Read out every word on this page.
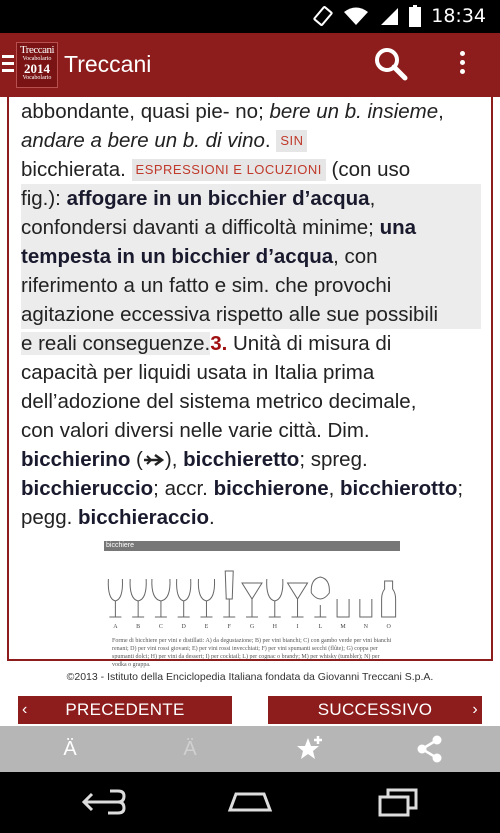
18:34
Treccani
Vocabolario
2014
Vocabolario
Treccani
abbondante, quasi pie- no; bere un b. insieme,
andare a bere un b. di vino. SIN
bicchierata. ESPRESSIONI E LOCUZIONI (con uso
fig.): affogare in un bicchier d’acqua,
confondersi davanti a difficoltà minime; una
tempesta in un bicchier d’acqua, con
riferimento a un fatto e sim. che provochi
agitazione eccessiva rispetto alle sue possibili
e reali conseguenze.3. Unità di misura di
capacità per liquidi usata in Italia prima
dell’adozione del sistema metrico decimale,
con valori diversi nelle varie città. Dim.
bicchierino ( ), bicchieretto; spreg.
bicchieruccio; accr. bicchierone, bicchierotto;
pegg. bicchieraccio.
bicchiere
A	B	C	D	E	F	G	H	I	L	M	N	O
Forme di bicchiere per vini e distillati: A) da degustazione; B) per vini bianchi; C) con gambo verde per vini bianchi renani; D) per vini rossi giovani; E) per vini rossi invecchiati; F) per vini spumanti secchi (flûte); G) coppa per spumanti dolci; H) per vini da dessert; I) per cocktail; L) per cognac o brandy; M) per whisky (tumbler); N) per vodka o grappa.
©2013 - Istituto della Enciclopedia Italiana fondata da Giovanni Treccani S.p.A.
‹ PRECEDENTE	SUCCESSIVO	›
Ä	Ä
